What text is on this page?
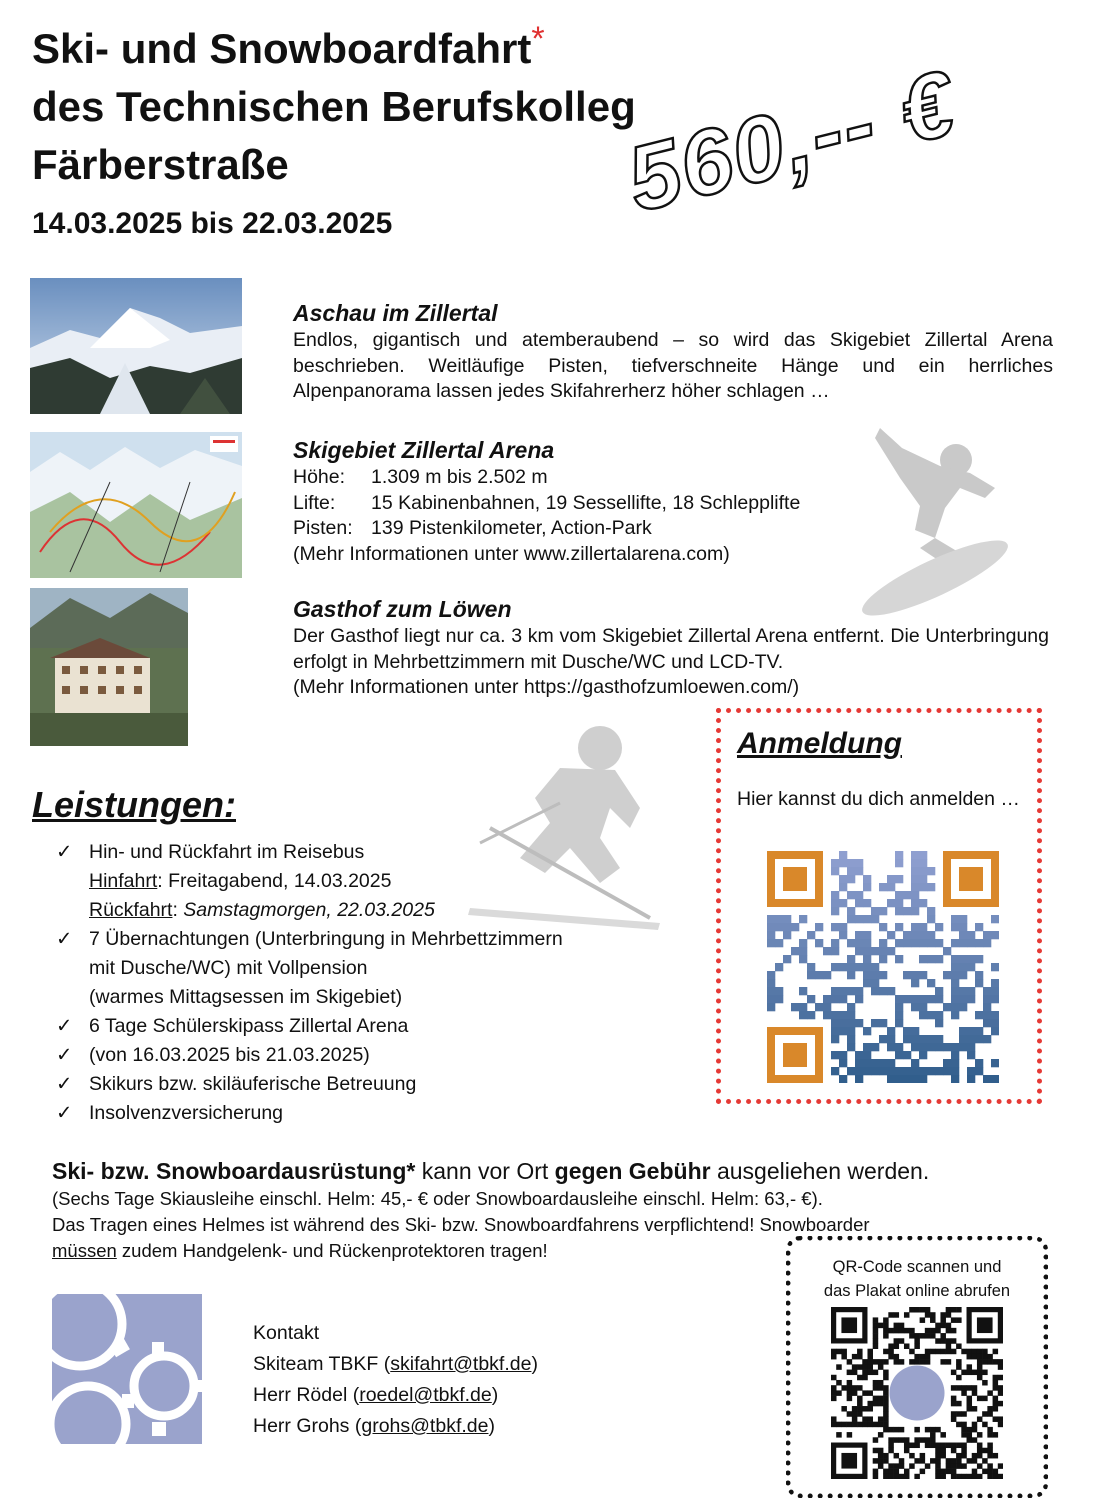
Ski- und Snowboardfahrt*
des Technischen Berufskolleg
Färberstraße
14.03.2025 bis 22.03.2025 560,-- €
Aschau im Zillertal

Endlos, gigantisch und atemberaubend – so wird das Skigebiet Zillertal Arena beschrieben. Weitläufige Pisten, tiefverschneite Hänge und ein herrliches Alpenpanorama lassen jedes Skifahrerherz höher schlagen …

Skigebiet Zillertal Arena
Höhe: 1.309 m bis 2.502 m
Lifte: 15 Kabinenbahnen, 19 Sessellifte, 18 Schlepplifte
Pisten: 139 Pistenkilometer, Action-Park
(Mehr Informationen unter www.zillertalarena.com)
Gasthof zum Löwen

Der Gasthof liegt nur ca. 3 km vom Skigebiet Zillertal Arena entfernt. Die Unterbringung erfolgt in Mehrbettzimmern mit Dusche/WC und LCD-TV.

(Mehr Informationen unter https://gasthofzumloewen.com/)

Anmeldung

Hier kannst du dich anmelden …

Leistungen:
✓ Hin- und Rückfahrt im Reisebus
Hinfahrt: Freitagabend, 14.03.2025
Rückfahrt: Samstagmorgen, 22.03.2025
✓ 7 Übernachtungen (Unterbringung in Mehrbettzimmern
mit Dusche/WC) mit Vollpension
(warmes Mittagsessen im Skigebiet)
✓ 6 Tage Schülerskipass Zillertal Arena
✓ (von 16.03.2025 bis 21.03.2025)
✓ Skikurs bzw. skiläuferische Betreuung
✓ Insolvenzversicherung
Ski- bzw. Snowboardausrüstung* kann vor Ort gegen Gebühr ausgeliehen werden.

(Sechs Tage Skiausleihe einschl. Helm: 45,- € oder Snowboardausleihe einschl. Helm: 63,- €).

Das Tragen eines Helmes ist während des Ski- bzw. Snowboardfahrens verpflichtend! Snowboarder

müssen zudem Handgelenk- und Rückenprotektoren tragen!

Kontakt
Skiteam TBKF (skifahrt@tbkf.de)
Herr Rödel (roedel@tbkf.de)
Herr Grohs (grohs@tbkf.de)
QR-Code scannen und
das Plakat online abrufen
